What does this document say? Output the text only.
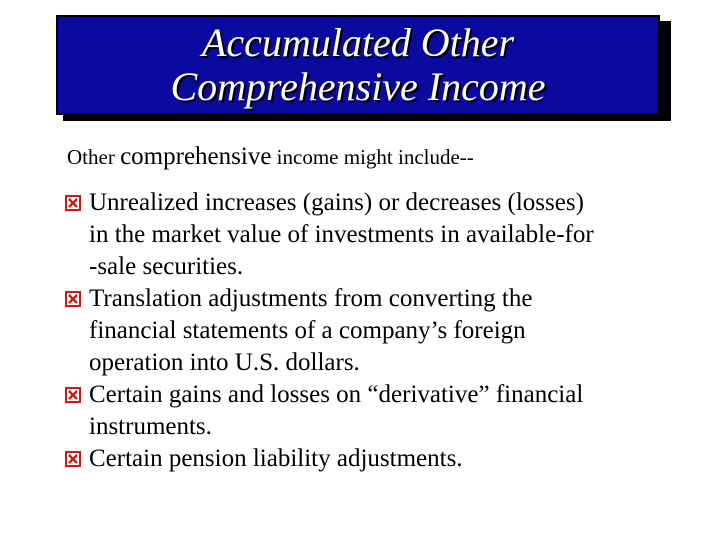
Accumulated Other
Comprehensive Income
Other comprehensive income might include--
Unrealized increases (gains) or decreases (losses)
in the market value of investments in available-for
-sale securities.
Translation adjustments from converting the
financial statements of a company’s foreign
operation into U.S. dollars.
Certain gains and losses on “derivative” financial
instruments.
Certain pension liability adjustments.
